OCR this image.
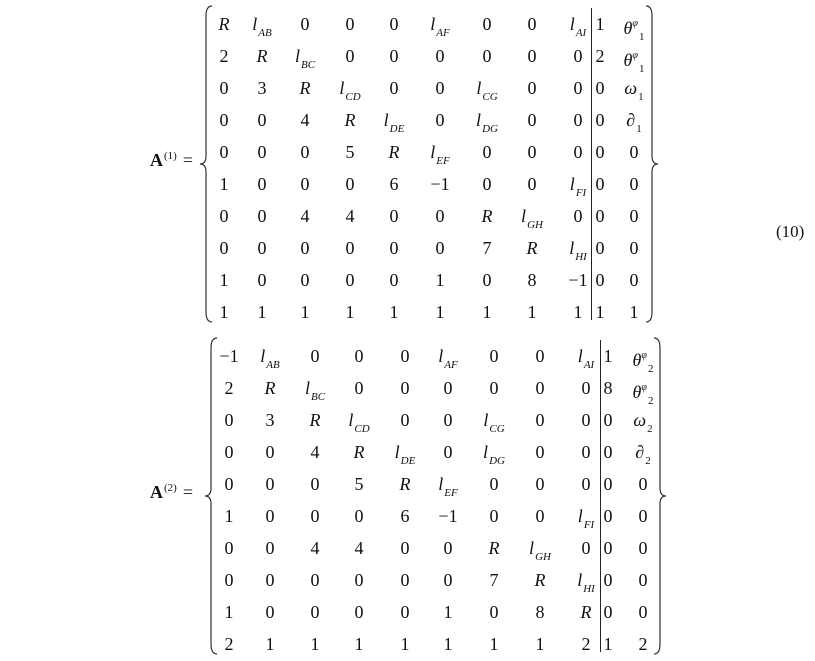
$A^{(1)}$ =
R $l_{AB}$ 0 0 0 $l_{AF}$ 0 0 $l_{AI}$ 1 $\theta^\varphi_1$
2 R $l_{BC}$ 0 0 0 0 0 0 2 $\theta^\varphi_1$
0 3 R $l_{CD}$ 0 0 $l_{CG}$ 0 0 0 $\omega_1$
0 0 4 R $l_{DE}$ 0 $l_{DG}$ 0 0 0 $\partial_1$
0 0 0 5 R $l_{EF}$ 0 0 0 0 0
1 0 0 0 6 −1 0 0 $l_{FI}$ 0 0
0 0 4 4 0 0 R $l_{GH}$ 0 0 0
0 0 0 0 0 0 7 R $l_{HI}$ 0 0
1 0 0 0 0 1 0 8 −1 0 0
1 1 1 1 1 1 1 1 1 1 1
$A^{(2)}$ =
−1 $l_{AB}$ 0 0 0 $l_{AF}$ 0 0 $l_{AI}$ 1 $\theta^\varphi_2$
2 R $l_{BC}$ 0 0 0 0 0 0 8 $\theta^\varphi_2$
0 3 R $l_{CD}$ 0 0 $l_{CG}$ 0 0 0 $\omega_2$
0 0 4 R $l_{DE}$ 0 $l_{DG}$ 0 0 0 $\partial_2$
0 0 0 5 R $l_{EF}$ 0 0 0 0 0
1 0 0 0 6 −1 0 0 $l_{FI}$ 0 0
0 0 4 4 0 0 R $l_{GH}$ 0 0 0
0 0 0 0 0 0 7 R $l_{HI}$ 0 0
1 0 0 0 0 1 0 8 R 0 0
2 1 1 1 1 1 1 1 2 1 2
(10)
